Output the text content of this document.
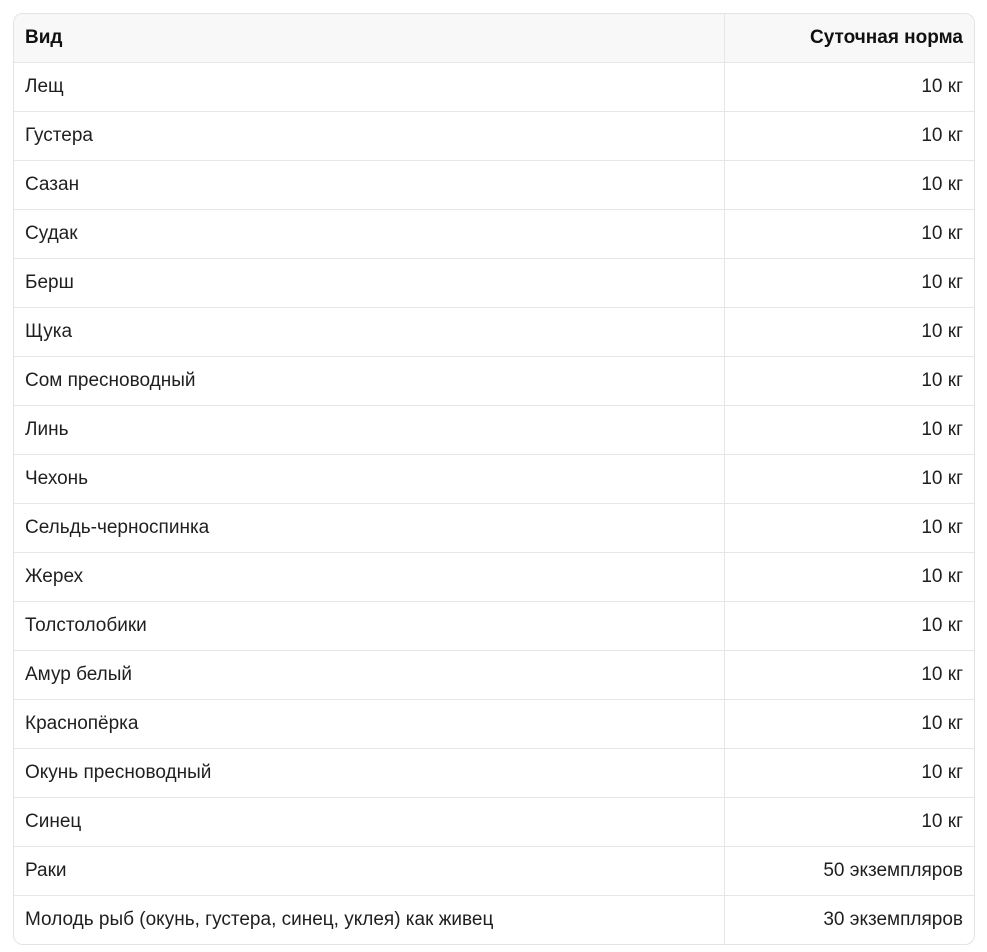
Вид	Суточная норма
Лещ	10 кг
Густера	10 кг
Сазан	10 кг
Судак	10 кг
Берш	10 кг
Щука	10 кг
Сом пресноводный	10 кг
Линь	10 кг
Чехонь	10 кг
Сельдь-черноспинка	10 кг
Жерех	10 кг
Толстолобики	10 кг
Амур белый	10 кг
Краснопёрка	10 кг
Окунь пресноводный	10 кг
Синец	10 кг
Раки	50 экземпляров
Молодь рыб (окунь, густера, синец, уклея) как живец	30 экземпляров
